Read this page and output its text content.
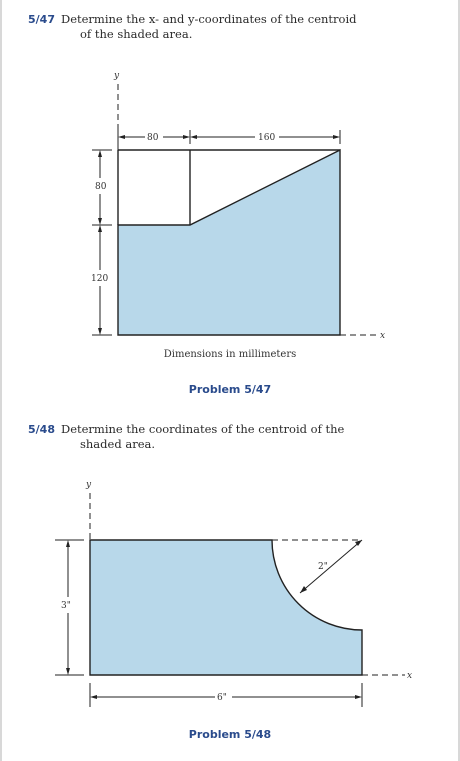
5/47 Determine the x- and y-coordinates of the centroid
of the shaded area.
y
x
80	160
80
120
Dimensions in millimeters
Problem 5/47
5/48 Determine the coordinates of the centroid of the
shaded area.
2"
y
x
3"
6"
Problem 5/48
